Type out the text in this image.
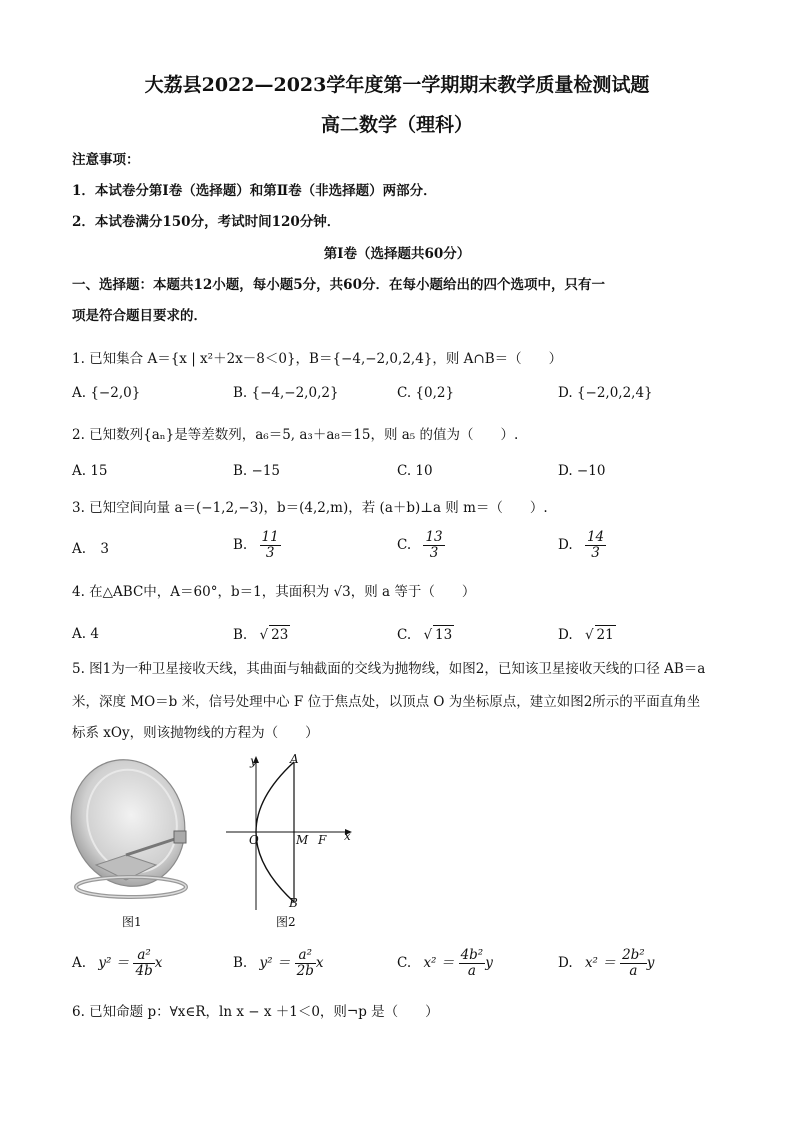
大荔县2022—2023学年度第一学期期末教学质量检测试题
高二数学（理科）
注意事项：
1．本试卷分第Ⅰ卷（选择题）和第Ⅱ卷（非选择题）两部分．
2．本试卷满分150分，考试时间120分钟．
第Ⅰ卷（选择题共60分）
一、选择题：本题共12小题，每小题5分，共60分．在每小题给出的四个选项中，只有一
项是符合题目要求的．
1. 已知集合 A＝{x | x²＋2x－8＜0}，B＝{−4,−2,0,2,4}，则 A∩B＝（　　）
A. {−2,0}	B. {−4,−2,0,2}	C. {0,2}	D. {−2,0,2,4}
2. 已知数列{aₙ}是等差数列，a₆＝5, a₃＋a₈＝15，则 a₅ 的值为（　　）.
A. 15	B. −15	C. 10	D. −10
3. 已知空间向量 a＝(−1,2,−3)，b＝(4,2,m)，若 (a＋b)⊥a 则 m＝（　　）.
A. 3	B. $\frac{11}{3}$	C. $\frac{13}{3}$	D. $\frac{14}{3}$
4. 在△ABC中，A＝60°，b＝1，其面积为 √3，则 a 等于（　　）
A. 4	B. √ 23	C. √ 13	D. √ 21
5. 图1为一种卫星接收天线，其曲面与轴截面的交线为抛物线，如图2，已知该卫星接收天线的口径 AB＝a
米，深度 MO＝b 米，信号处理中心 F 位于焦点处，以顶点 O 为坐标原点，建立如图2所示的平面直角坐
标系 xOy，则该抛物线的方程为（　　）
图1
y	A
O	M F x
B
图2
A. $y^2 = \frac{\text{a²}}{4b}$ x	B. $y^2 = \frac{\text{a²}}{2b}$ x	C. $x^2 = \frac{\text{4b²}}{a}$ y	D. $x^2 = \frac{\text{2b²}}{a}$ y
6. 已知命题 p：∀x∈R，ln x − x ＋1＜0，则¬p 是（　　）
